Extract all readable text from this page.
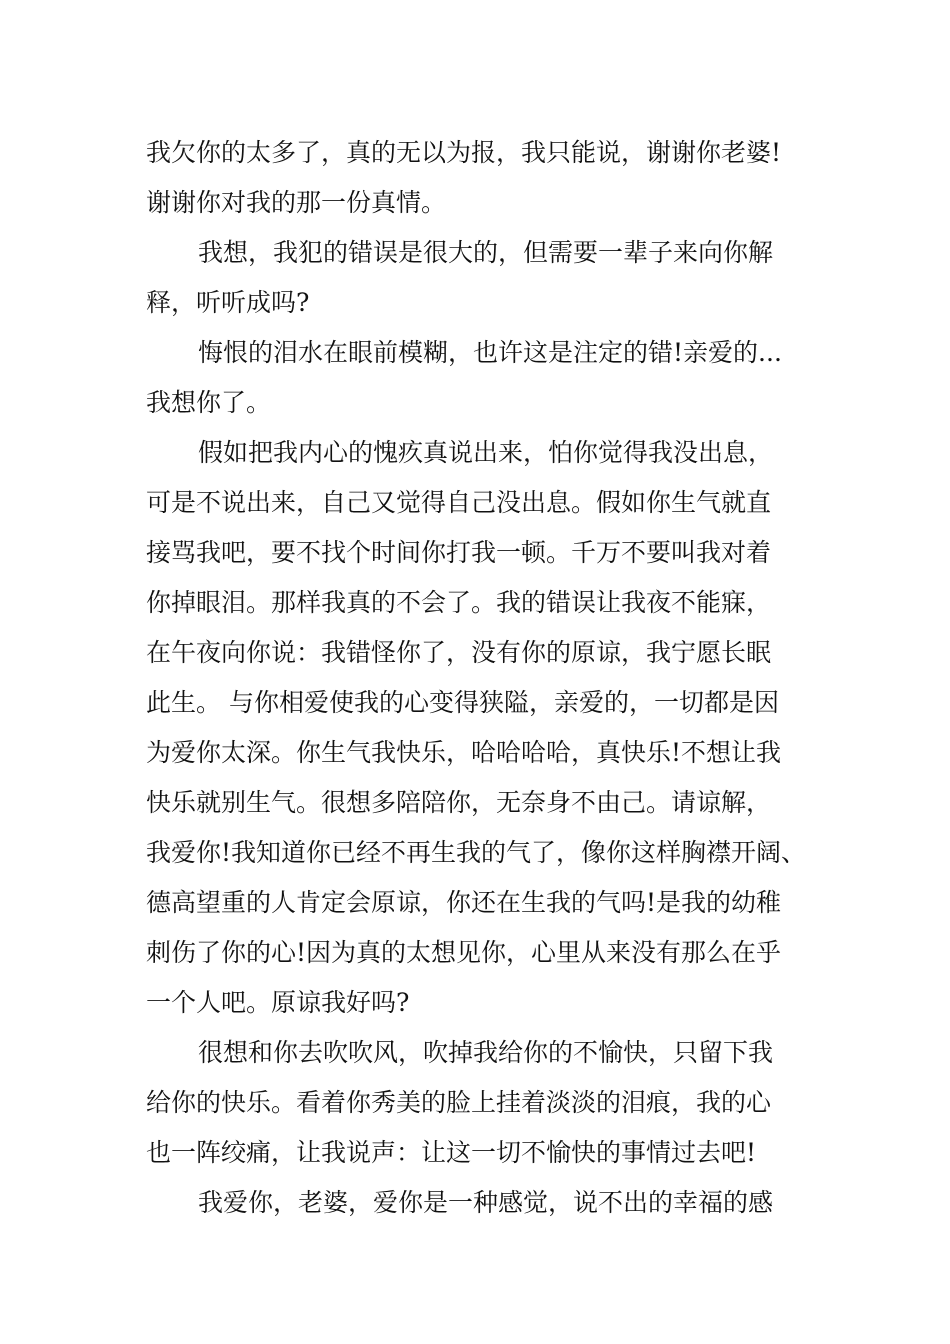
我欠你的太多了，真的无以为报，我只能说，谢谢你老婆!
谢谢你对我的那一份真情。
我想，我犯的错误是很大的，但需要一辈子来向你解
释，听听成吗?
悔恨的泪水在眼前模糊，也许这是注定的错!亲爱的...
我想你了。
假如把我内心的愧疚真说出来，怕你觉得我没出息，
可是不说出来，自己又觉得自己没出息。假如你生气就直
接骂我吧，要不找个时间你打我一顿。千万不要叫我对着
你掉眼泪。那样我真的不会了。我的错误让我夜不能寐，
在午夜向你说：我错怪你了，没有你的原谅，我宁愿长眠
此生。 与你相爱使我的心变得狭隘，亲爱的，一切都是因
为爱你太深。你生气我快乐，哈哈哈哈，真快乐!不想让我
快乐就别生气。很想多陪陪你，无奈身不由己。请谅解，
我爱你!我知道你已经不再生我的气了，像你这样胸襟开阔、
德高望重的人肯定会原谅，你还在生我的气吗!是我的幼稚
刺伤了你的心!因为真的太想见你，心里从来没有那么在乎
一个人吧。原谅我好吗?
很想和你去吹吹风，吹掉我给你的不愉快，只留下我
给你的快乐。看着你秀美的脸上挂着淡淡的泪痕，我的心
也一阵绞痛，让我说声：让这一切不愉快的事情过去吧!
我爱你，老婆，爱你是一种感觉，说不出的幸福的感
